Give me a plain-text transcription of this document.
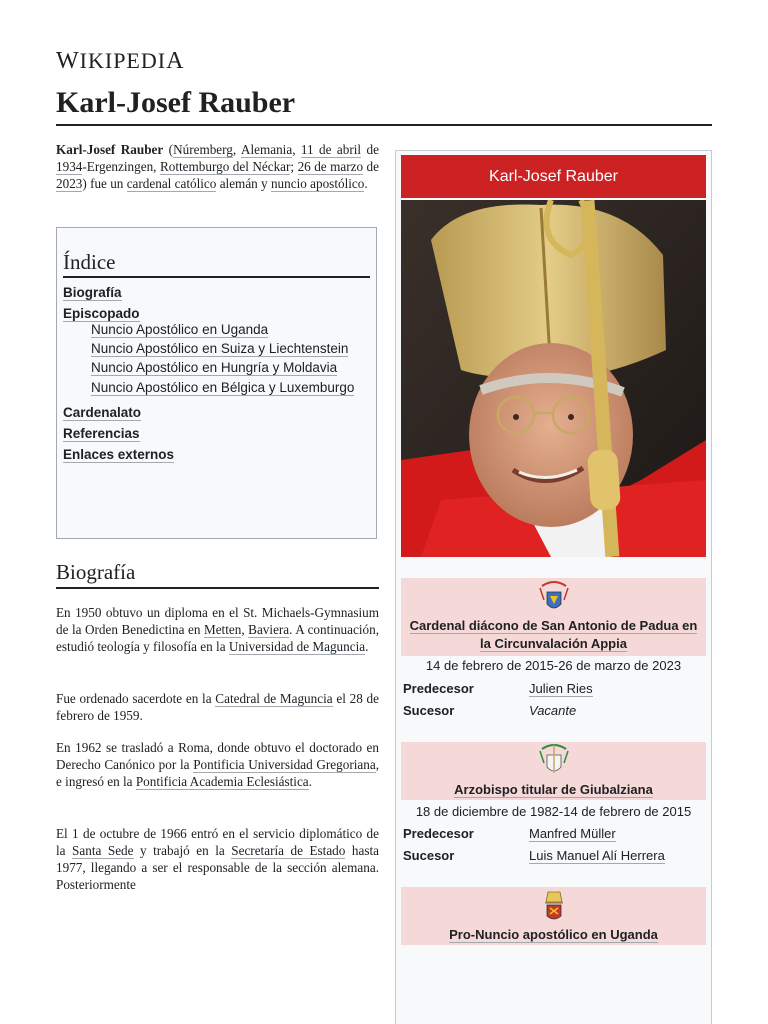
WIKIPEDIA
Karl-Josef Rauber
Karl-Josef Rauber (Núremberg, Alemania, 11 de abril de 1934-Ergenzingen, Rottemburgo del Néckar; 26 de marzo de 2023) fue un cardenal católico alemán y nuncio apostólico.
Índice
Biografía
Episcopado
Nuncio Apostólico en Uganda
Nuncio Apostólico en Suiza y Liechtenstein
Nuncio Apostólico en Hungría y Moldavia
Nuncio Apostólico en Bélgica y Luxemburgo
Cardenalato
Referencias
Enlaces externos
Biografía

En 1950 obtuvo un diploma en el St. Michaels-Gymnasium de la Orden Benedictina en Metten, Baviera. A continuación, estudió teología y filosofía en la Universidad de Maguncia.

Fue ordenado sacerdote en la Catedral de Maguncia el 28 de febrero de 1959.

En 1962 se trasladó a Roma, donde obtuvo el doctorado en Derecho Canónico por la Pontificia Universidad Gregoriana, e ingresó en la Pontificia Academia Eclesiástica.

El 1 de octubre de 1966 entró en el servicio diplomático de la Santa Sede y trabajó en la Secretaría de Estado hasta 1977, llegando a ser el responsable de la sección alemana. Posteriormente

Karl-Josef Rauber
Cardenal diácono de San Antonio de Padua en la Circunvalación Appia
14 de febrero de 2015-26 de marzo de 2023
Predecesor	Julien Ries
Sucesor	Vacante
Arzobispo titular de Giubalziana
18 de diciembre de 1982-14 de febrero de 2015
Predecesor	Manfred Müller
Sucesor	Luis Manuel Alí Herrera
Pro-Nuncio apostólico en Uganda
